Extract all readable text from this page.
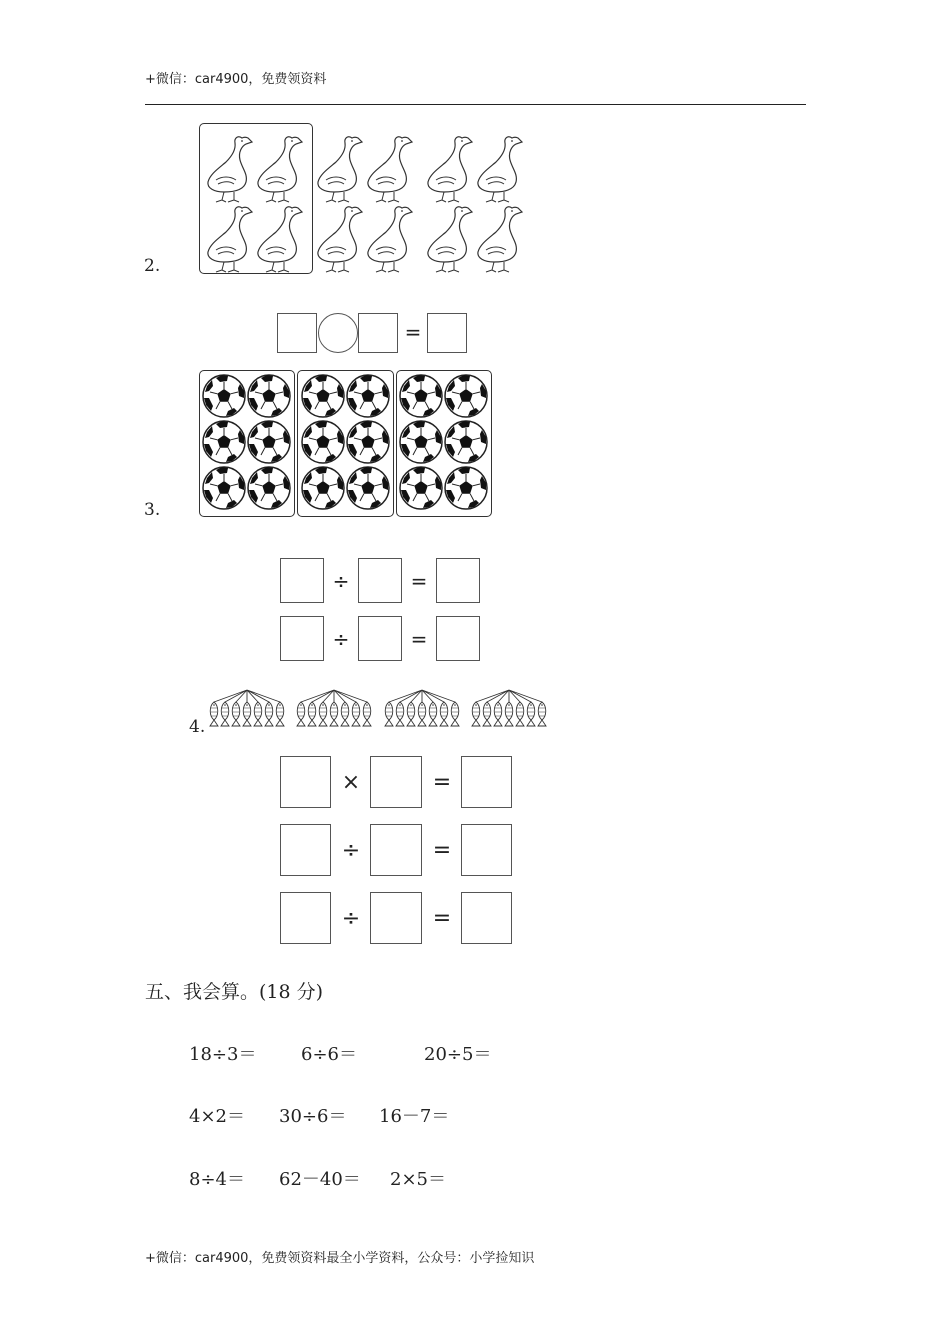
+微信：car4900，免费领资料
2.
=
3.
÷	=
÷	=
4.
×	=
÷	=
÷	=
五、我会算。(18 分)
18÷3＝ 6÷6＝	20÷5＝
4×2＝ 30÷6＝ 16－7＝
8÷4＝ 62－40＝ 2×5＝
+微信：car4900，免费领资料最全小学资料，公众号：小学捡知识
